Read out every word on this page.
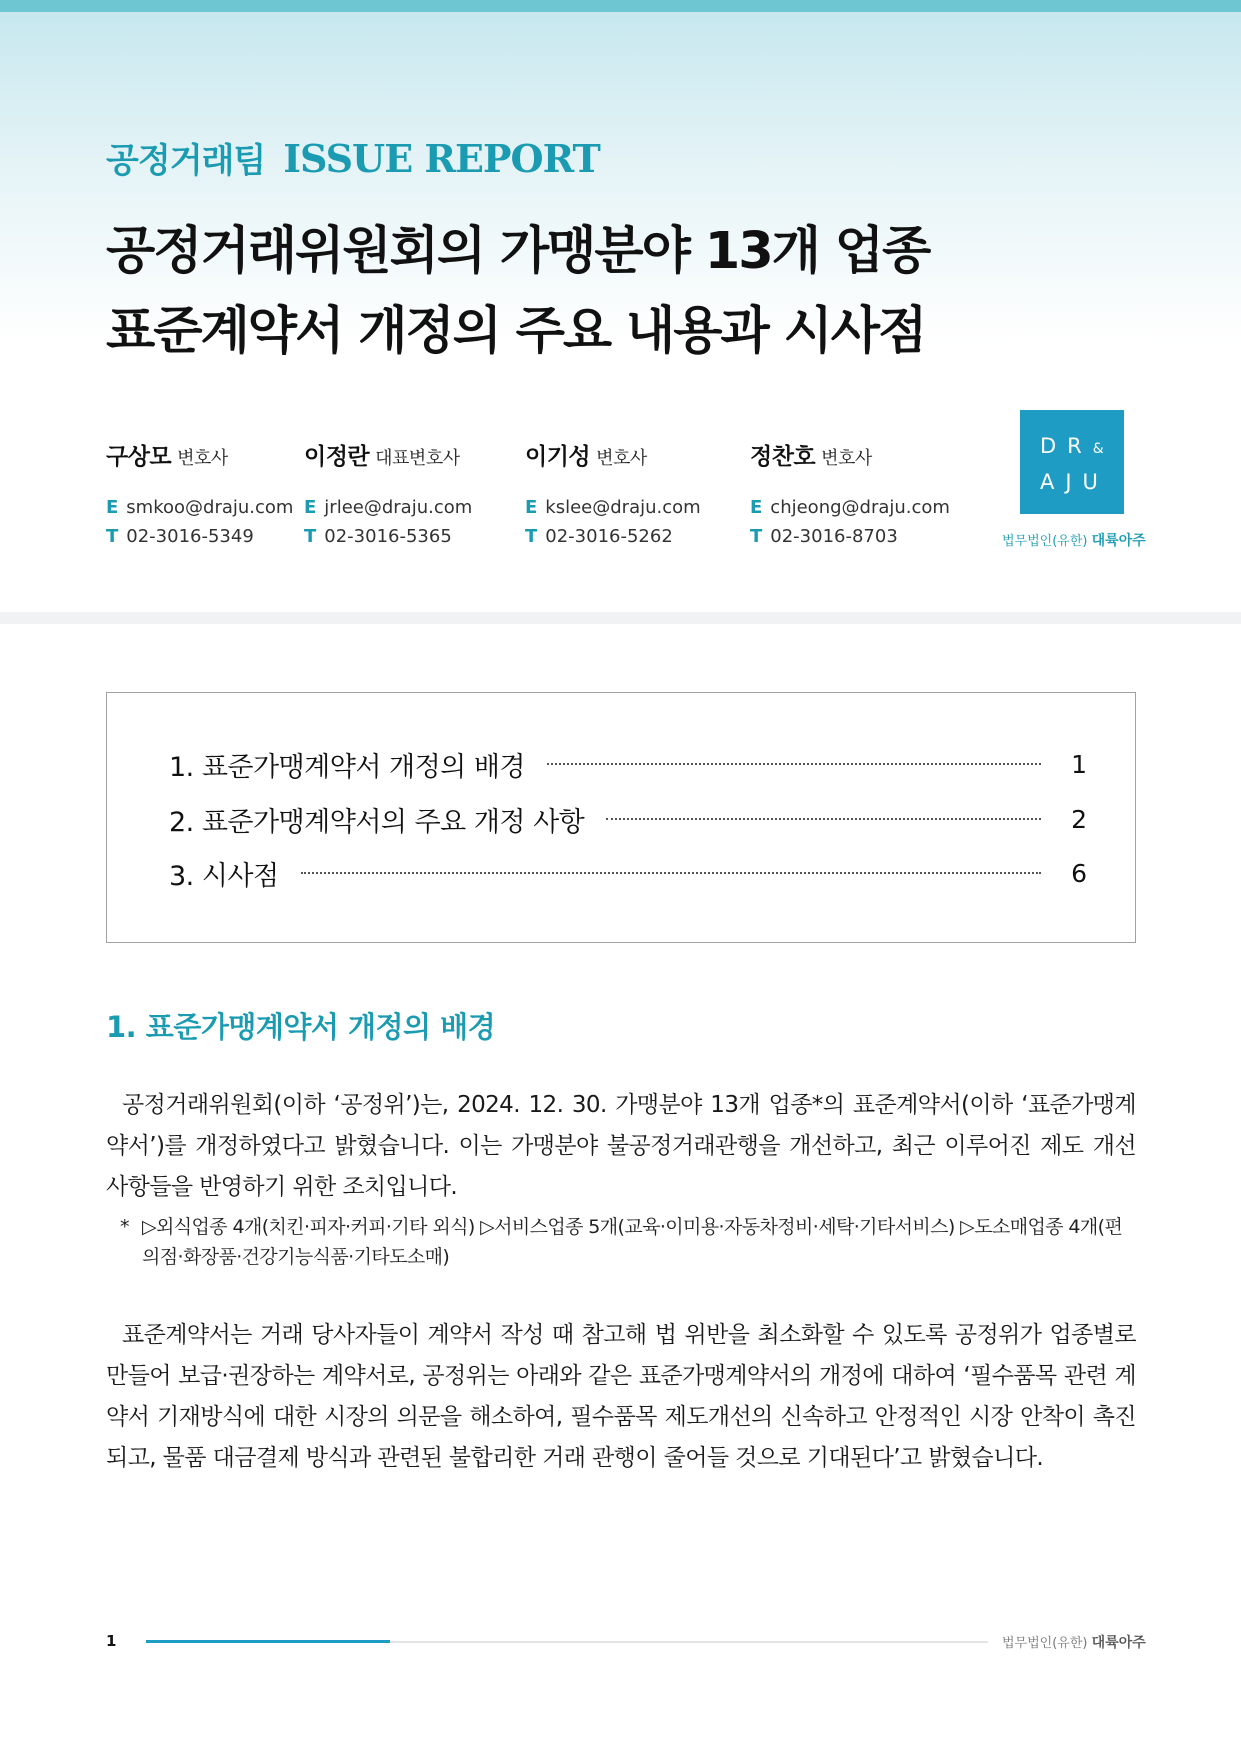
공정거래팀 ISSUE REPORT
공정거래위원회의 가맹분야 13개 업종
표준계약서 개정의 주요 내용과 시사점
구상모 변호사
E smkoo@draju.com
T 02-3016-5349
이정란 대표변호사
E jrlee@draju.com
T 02-3016-5365
이기성 변호사
E kslee@draju.com
T 02-3016-5262
정찬호 변호사
E chjeong@draju.com
T 02-3016-8703
DR&
AJU
법무법인(유한) 대륙아주
1. 표준가맹계약서 개정의 배경	1
2. 표준가맹계약서의 주요 개정 사항	2
3. 시사점	6
1. 표준가맹계약서 개정의 배경

공정거래위원회(이하 ‘공정위’)는, 2024. 12. 30. 가맹분야 13개 업종*의 표준계약서(이하 ‘표준가맹계약서’)를 개정하였다고 밝혔습니다. 이는 가맹분야 불공정거래관행을 개선하고, 최근 이루어진 제도 개선 사항들을 반영하기 위한 조치입니다.

* ▷외식업종 4개(치킨·피자·커피·기타 외식) ▷서비스업종 5개(교육·이미용·자동차정비·세탁·기타서비스) ▷도소매업종 4개(편의점·화장품·건강기능식품·기타도소매)

표준계약서는 거래 당사자들이 계약서 작성 때 참고해 법 위반을 최소화할 수 있도록 공정위가 업종별로 만들어 보급·권장하는 계약서로, 공정위는 아래와 같은 표준가맹계약서의 개정에 대하여 ‘필수품목 관련 계약서 기재방식에 대한 시장의 의문을 해소하여, 필수품목 제도개선의 신속하고 안정적인 시장 안착이 촉진되고, 물품 대금결제 방식과 관련된 불합리한 거래 관행이 줄어들 것으로 기대된다’고 밝혔습니다.

1	법무법인(유한) 대륙아주
